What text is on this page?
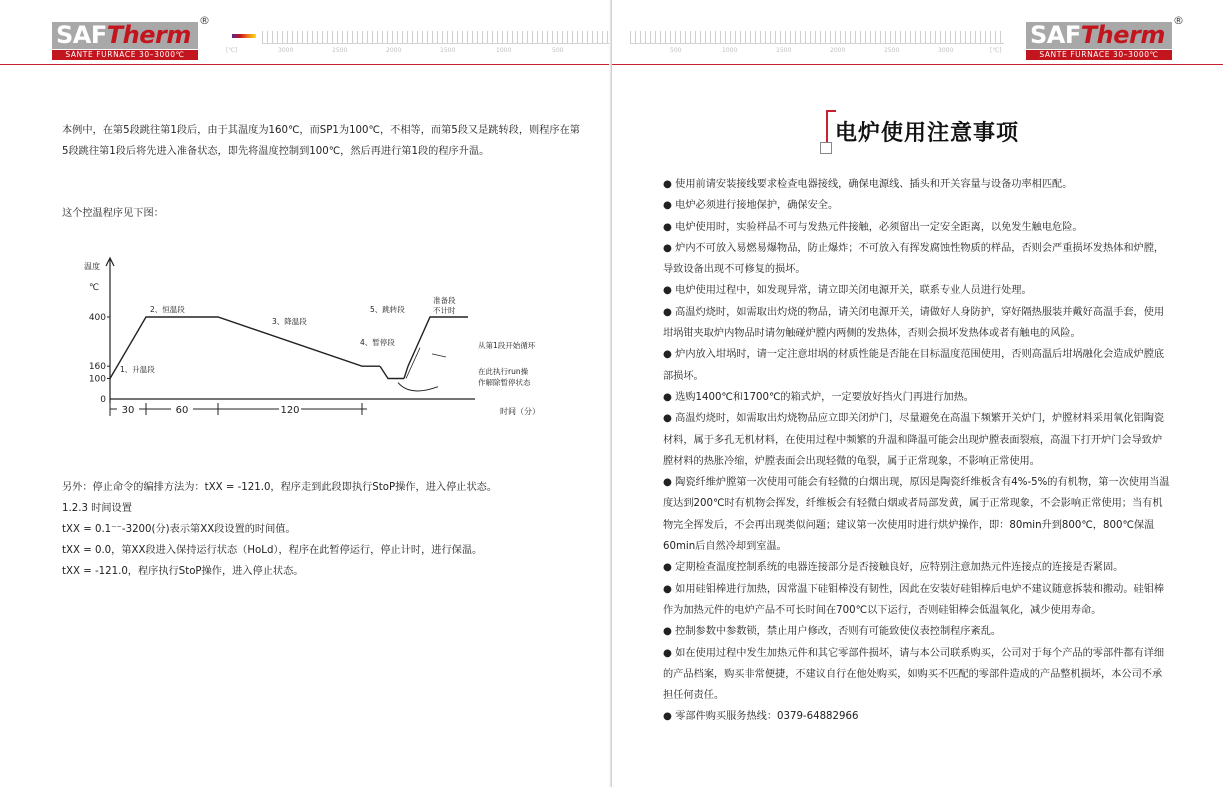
SAFTherm
SANTE FURNACE 30–3000℃
®
[℃]	3000	2500	2000	1500	1000	500

本例中，在第5段跳往第1段后，由于其温度为160℃，而SP1为100℃，不相等，而第5段又是跳转段，则程序在第5段跳往第1段后将先进入准备状态，即先将温度控制到100℃，然后再进行第1段的程序升温。

这个控温程序见下图：

温度
℃
时间（分）
0
100
160
400
1、升温段
2、恒温段
3、降温段
4、暂停段
5、跳转段
准备段
不计时
从第1段开始循环
在此执行run操
作解除暂停状态
30	60	120

另外：停止命令的编排方法为：tXX = -121.0，程序走到此段即执行StoP操作，进入停止状态。

1.2.3 时间设置

tXX = 0.1⁻⁻-3200(分)表示第XX段设置的时间值。

tXX = 0.0，第XX段进入保持运行状态（HoLd），程序在此暂停运行，停止计时，进行保温。

tXX = -121.0，程序执行StoP操作，进入停止状态。

500	1000	1500	2000	2500	3000	[℃]
SAFTherm
SANTE FURNACE 30–3000℃
®
电炉使用注意事项

● 使用前请安装接线要求检查电器接线，确保电源线、插头和开关容量与设备功率相匹配。

● 电炉必须进行接地保护，确保安全。

● 电炉使用时，实验样品不可与发热元件接触，必须留出一定安全距离，以免发生触电危险。

● 炉内不可放入易燃易爆物品，防止爆炸；不可放入有挥发腐蚀性物质的样品，否则会严重损坏发热体和炉膛，导致设备出现不可修复的损坏。

● 电炉使用过程中，如发现异常，请立即关闭电源开关，联系专业人员进行处理。

● 高温灼烧时，如需取出灼烧的物品，请关闭电源开关，请做好人身防护，穿好隔热服装并戴好高温手套，使用坩埚钳夹取炉内物品时请勿触碰炉膛内两侧的发热体，否则会损坏发热体或者有触电的风险。

● 炉内放入坩埚时，请一定注意坩埚的材质性能是否能在目标温度范围使用，否则高温后坩埚融化会造成炉膛底部损坏。

● 选购1400℃和1700℃的箱式炉，一定要放好挡火门再进行加热。

● 高温灼烧时，如需取出灼烧物品应立即关闭炉门，尽量避免在高温下频繁开关炉门，炉膛材料采用氧化铝陶瓷材料，属于多孔无机材料，在使用过程中频繁的升温和降温可能会出现炉膛表面裂痕，高温下打开炉门会导致炉膛材料的热胀冷缩，炉膛表面会出现轻微的龟裂，属于正常现象，不影响正常使用。

● 陶瓷纤维炉膛第一次使用可能会有轻微的白烟出现，原因是陶瓷纤维板含有4%-5%的有机物，第一次使用当温度达到200℃时有机物会挥发，纤维板会有轻微白烟或者局部发黄，属于正常现象，不会影响正常使用；当有机物完全挥发后，不会再出现类似问题；建议第一次使用时进行烘炉操作，即：80min升到800℃，800℃保温60min后自然冷却到室温。

● 定期检查温度控制系统的电器连接部分是否接触良好，应特别注意加热元件连接点的连接是否紧固。

● 如用硅钼棒进行加热，因常温下硅钼棒没有韧性，因此在安装好硅钼棒后电炉不建议随意拆装和搬动。硅钼棒作为加热元件的电炉产品不可长时间在700℃以下运行，否则硅钼棒会低温氧化，减少使用寿命。

● 控制参数中参数锁，禁止用户修改，否则有可能致使仪表控制程序紊乱。

● 如在使用过程中发生加热元件和其它零部件损坏，请与本公司联系购买，公司对于每个产品的零部件都有详细的产品档案，购买非常便捷，不建议自行在他处购买，如购买不匹配的零部件造成的产品整机损坏，本公司不承担任何责任。

● 零部件购买服务热线：0379-64882966
